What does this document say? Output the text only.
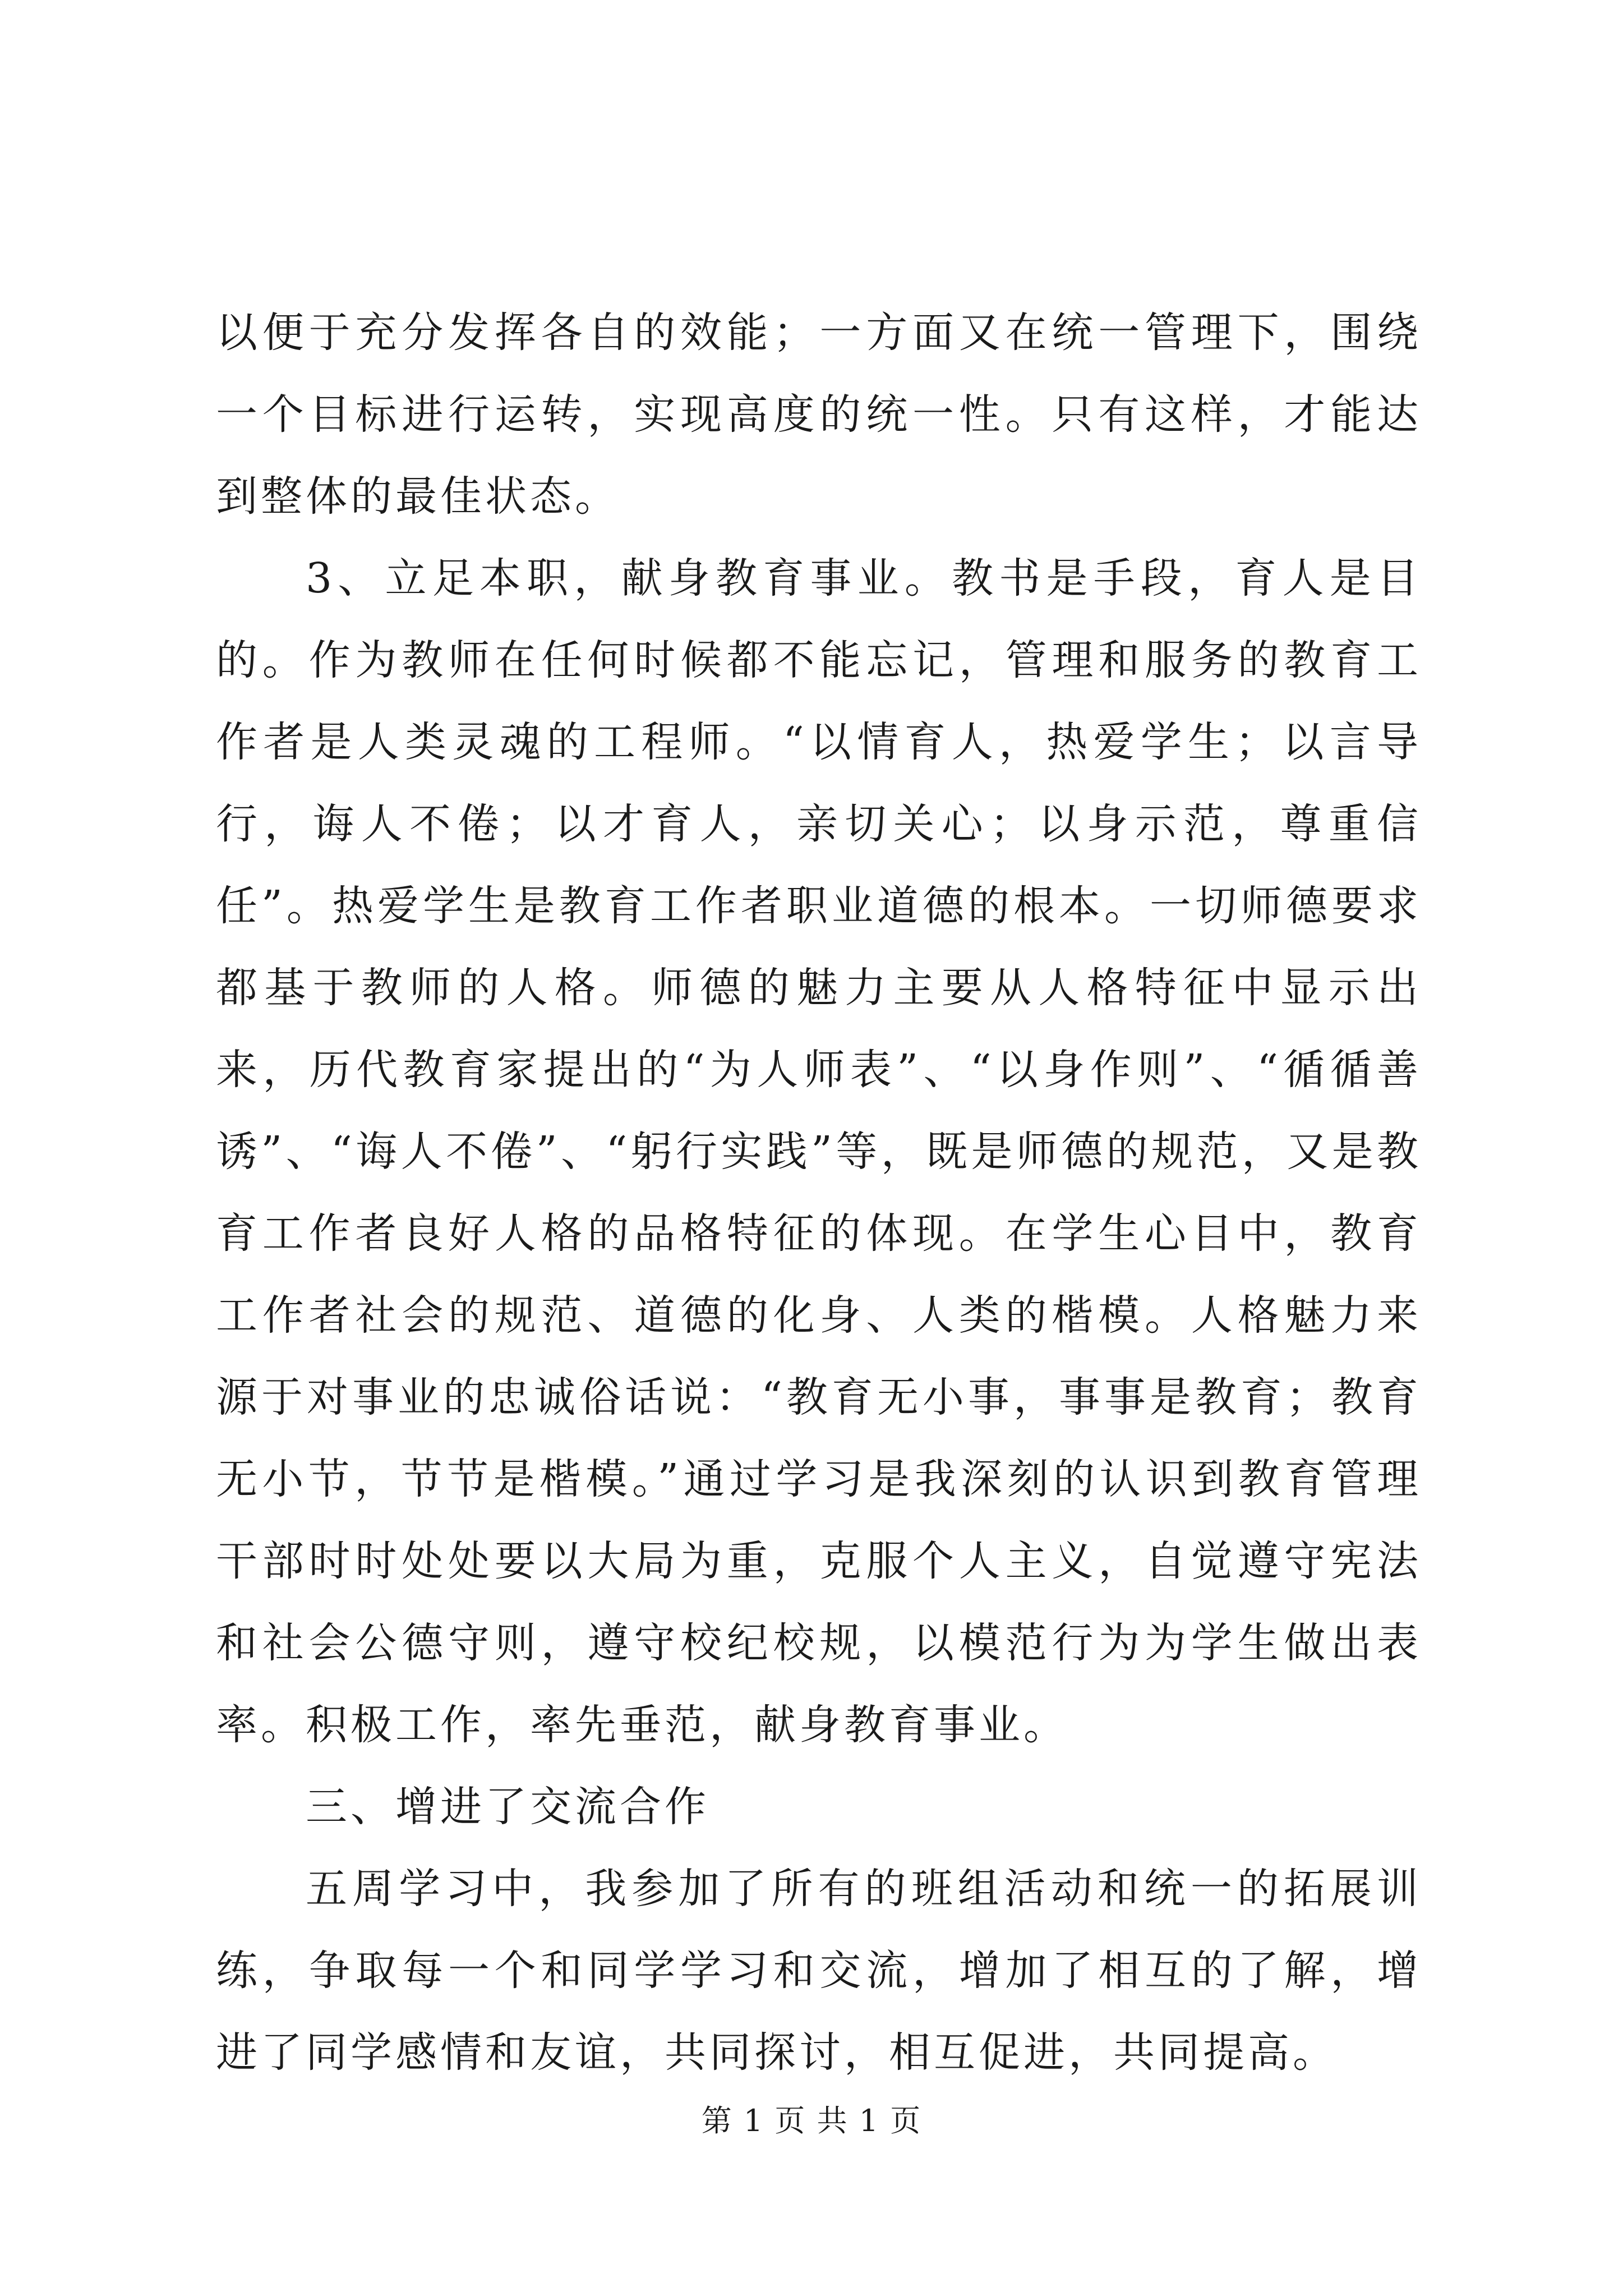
以便于充分发挥各自的效能；一方面又在统一管理下，围绕一个目标进行运转，实现高度的统一性。只有这样，才能达到整体的最佳状态。

3、立足本职，献身教育事业。教书是手段，育人是目的。作为教师在任何时候都不能忘记，管理和服务的教育工作者是人类灵魂的工程师。“以情育人，热爱学生；以言导行，诲人不倦；以才育人，亲切关心；以身示范，尊重信任”。热爱学生是教育工作者职业道德的根本。一切师德要求都基于教师的人格。师德的魅力主要从人格特征中显示出来，历代教育家提出的“为人师表”、“以身作则”、“循循善诱”、“诲人不倦”、“躬行实践”等，既是师德的规范，又是教育工作者良好人格的品格特征的体现。在学生心目中，教育工作者社会的规范、道德的化身、人类的楷模。人格魅力来源于对事业的忠诚俗话说：“教育无小事，事事是教育；教育无小节，节节是楷模。”通过学习是我深刻的认识到教育管理干部时时处处要以大局为重，克服个人主义，自觉遵守宪法和社会公德守则，遵守校纪校规，以模范行为为学生做出表率。积极工作，率先垂范，献身教育事业。

三、增进了交流合作

五周学习中，我参加了所有的班组活动和统一的拓展训练，争取每一个和同学学习和交流，增加了相互的了解，增进了同学感情和友谊，共同探讨，相互促进，共同提高。

第 1 页 共 1 页
